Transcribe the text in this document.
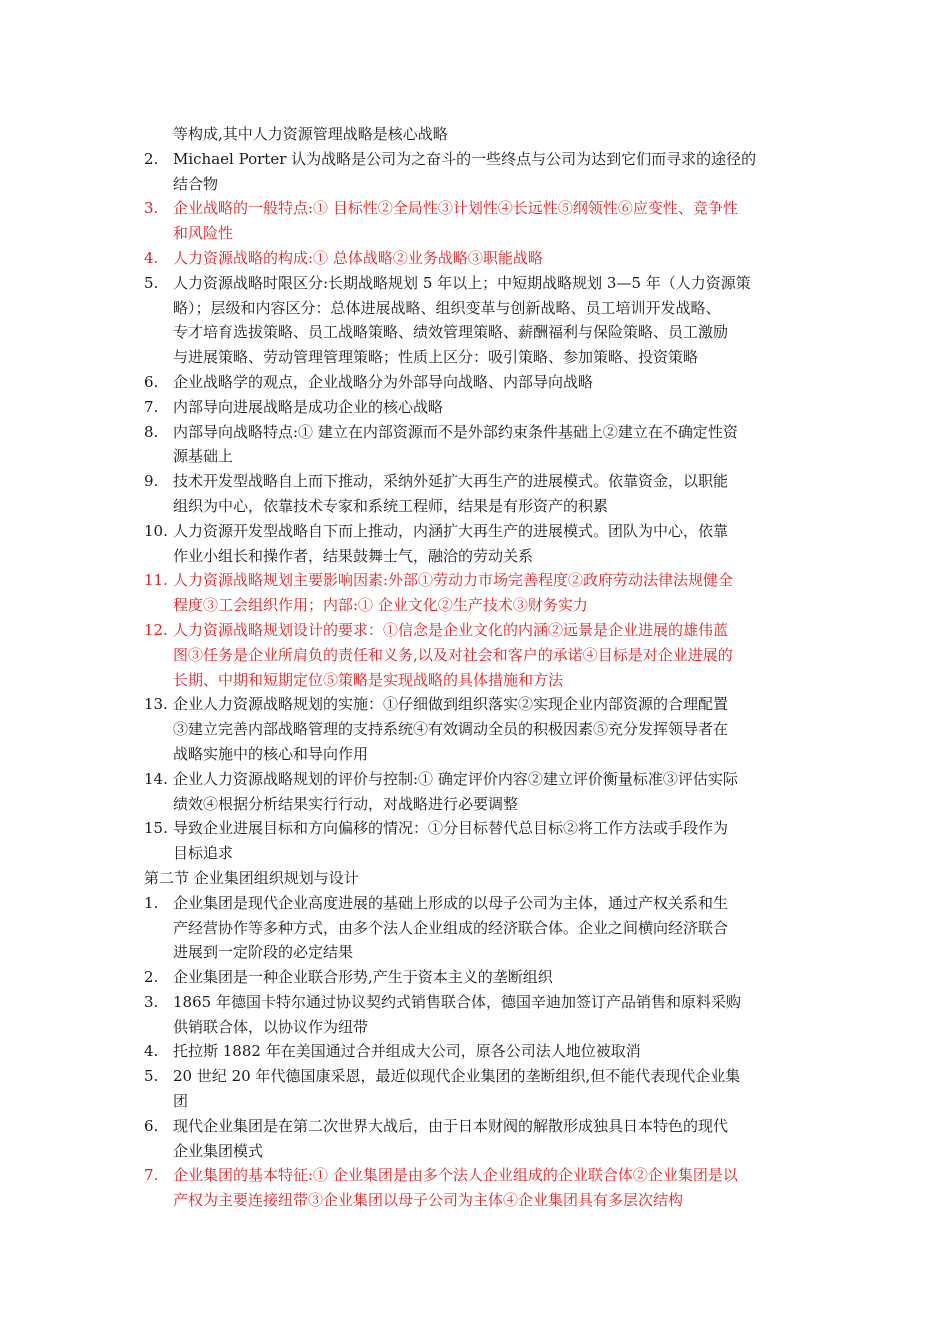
等构成,其中人力资源管理战略是核心战略
2. Michael Porter 认为战略是公司为之奋斗的一些终点与公司为达到它们而寻求的途径的
结合物
3. 企业战略的一般特点:① 目标性②全局性③计划性④长远性⑤纲领性⑥应变性、竞争性
和风险性
4. 人力资源战略的构成:① 总体战略②业务战略③职能战略
5. 人力资源战略时限区分:长期战略规划 5 年以上；中短期战略规划 3—5 年（人力资源策
略）；层级和内容区分：总体进展战略、组织变革与创新战略、员工培训开发战略、
专才培育选拔策略、员工战略策略、绩效管理策略、薪酬福利与保险策略、员工激励
与进展策略、劳动管理管理策略；性质上区分：吸引策略、参加策略、投资策略
6. 企业战略学的观点，企业战略分为外部导向战略、内部导向战略
7. 内部导向进展战略是成功企业的核心战略
8. 内部导向战略特点:① 建立在内部资源而不是外部约束条件基础上②建立在不确定性资
源基础上
9. 技术开发型战略自上而下推动，采纳外延扩大再生产的进展模式。依靠资金，以职能
组织为中心，依靠技术专家和系统工程师，结果是有形资产的积累
10. 人力资源开发型战略自下而上推动，内涵扩大再生产的进展模式。团队为中心，依靠
作业小组长和操作者，结果鼓舞士气，融洽的劳动关系
11. 人力资源战略规划主要影响因素:外部①劳动力市场完善程度②政府劳动法律法规健全
程度③工会组织作用；内部:① 企业文化②生产技术③财务实力
12. 人力资源战略规划设计的要求：①信念是企业文化的内涵②远景是企业进展的雄伟蓝
图③任务是企业所肩负的责任和义务,以及对社会和客户的承诺④目标是对企业进展的
长期、中期和短期定位⑤策略是实现战略的具体措施和方法
13. 企业人力资源战略规划的实施：①仔细做到组织落实②实现企业内部资源的合理配置
③建立完善内部战略管理的支持系统④有效调动全员的积极因素⑤充分发挥领导者在
战略实施中的核心和导向作用
14. 企业人力资源战略规划的评价与控制:① 确定评价内容②建立评价衡量标准③评估实际
绩效④根据分析结果实行行动，对战略进行必要调整
15. 导致企业进展目标和方向偏移的情况：①分目标替代总目标②将工作方法或手段作为
目标追求
第二节 企业集团组织规划与设计
1. 企业集团是现代企业高度进展的基础上形成的以母子公司为主体，通过产权关系和生
产经营协作等多种方式，由多个法人企业组成的经济联合体。企业之间横向经济联合
进展到一定阶段的必定结果
2. 企业集团是一种企业联合形势,产生于资本主义的垄断组织
3. 1865 年德国卡特尔通过协议契约式销售联合体，德国辛迪加签订产品销售和原料采购
供销联合体，以协议作为纽带
4. 托拉斯 1882 年在美国通过合并组成大公司，原各公司法人地位被取消
5. 20 世纪 20 年代德国康采恩，最近似现代企业集团的垄断组织,但不能代表现代企业集
团
6. 现代企业集团是在第二次世界大战后，由于日本财阀的解散形成独具日本特色的现代
企业集团模式
7. 企业集团的基本特征:① 企业集团是由多个法人企业组成的企业联合体②企业集团是以
产权为主要连接纽带③企业集团以母子公司为主体④企业集团具有多层次结构
